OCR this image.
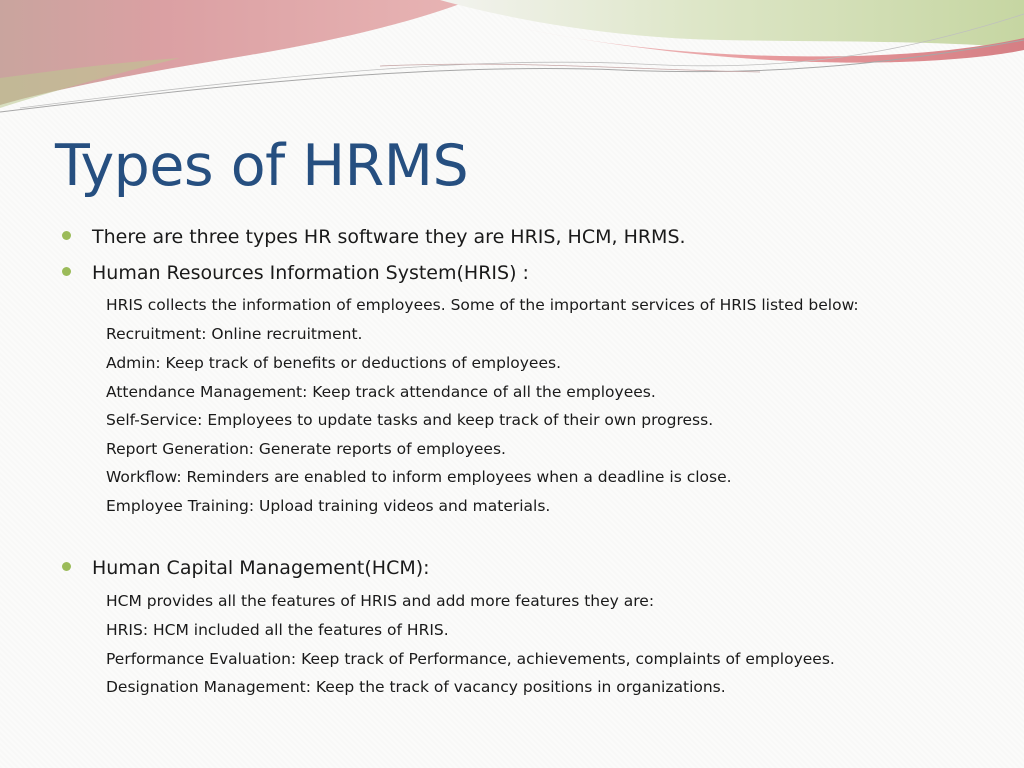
Types of HRMS
There are three types HR software they are HRIS, HCM, HRMS.
Human Resources Information System(HRIS) :
HRIS collects the information of employees. Some of the important services of HRIS listed below:
Recruitment: Online recruitment.
Admin: Keep track of benefits or deductions of employees.
Attendance Management: Keep track attendance of all the employees.
Self-Service: Employees to update tasks and keep track of their own progress.
Report Generation: Generate reports of employees.
Workflow: Reminders are enabled to inform employees when a deadline is close.
Employee Training: Upload training videos and materials.
Human Capital Management(HCM):
HCM provides all the features of HRIS and add more features they are:
HRIS: HCM included all the features of HRIS.
Performance Evaluation: Keep track of Performance, achievements, complaints of employees.
Designation Management: Keep the track of vacancy positions in organizations.
